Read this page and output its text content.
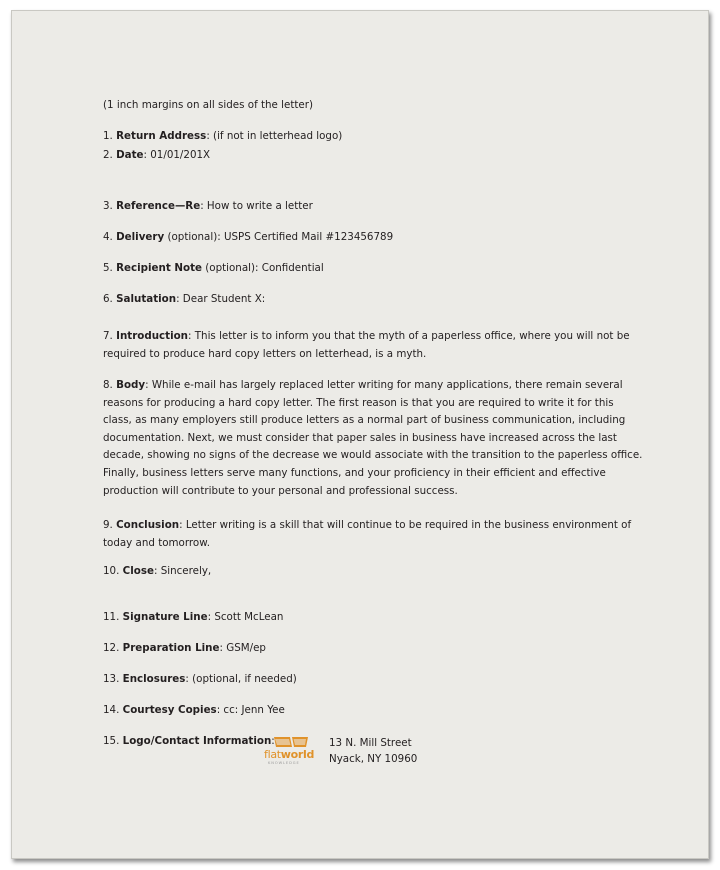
(1 inch margins on all sides of the letter)
1. Return Address: (if not in letterhead logo)
2. Date: 01/01/201X
3. Reference—Re: How to write a letter
4. Delivery (optional): USPS Certified Mail #123456789
5. Recipient Note (optional): Confidential
6. Salutation: Dear Student X:
7. Introduction: This letter is to inform you that the myth of a paperless office, where you will not be required to produce hard copy letters on letterhead, is a myth.
8. Body: While e-mail has largely replaced letter writing for many applications, there remain several reasons for producing a hard copy letter. The first reason is that you are required to write it for this class, as many employers still produce letters as a normal part of business communication, including documentation. Next, we must consider that paper sales in business have increased across the last decade, showing no signs of the decrease we would associate with the transition to the paperless office. Finally, business letters serve many functions, and your proficiency in their efficient and effective production will contribute to your personal and professional success.
9. Conclusion: Letter writing is a skill that will continue to be required in the business environment of today and tomorrow.
10. Close: Sincerely,
11. Signature Line: Scott McLean
12. Preparation Line: GSM/ep
13. Enclosures: (optional, if needed)
14. Courtesy Copies: cc: Jenn Yee
15. Logo/Contact Information:
flatworld
KNOWLEDGE
13 N. Mill Street
Nyack, NY 10960
